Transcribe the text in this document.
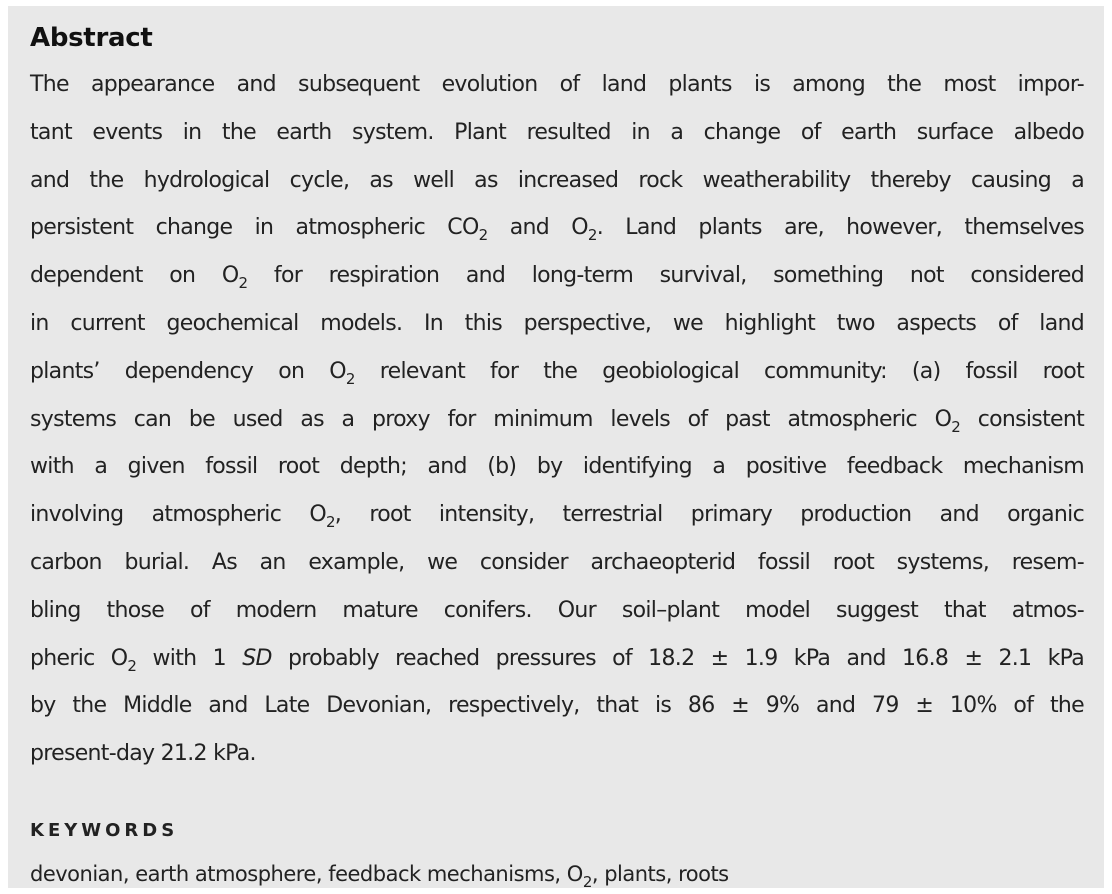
Abstract
The appearance and subsequent evolution of land plants is among the most impor-
tant events in the earth system. Plant resulted in a change of earth surface albedo
and the hydrological cycle, as well as increased rock weatherability thereby causing a
persistent change in atmospheric $CO_2$ and $O_2$. Land plants are, however, themselves
dependent on $O_2$ for respiration and long-term survival, something not considered
in current geochemical models. In this perspective, we highlight two aspects of land
plants’ dependency on $O_2$ relevant for the geobiological community: (a) fossil root
systems can be used as a proxy for minimum levels of past atmospheric $O_2$ consistent
with a given fossil root depth; and (b) by identifying a positive feedback mechanism
involving atmospheric $O_2$, root intensity, terrestrial primary production and organic
carbon burial. As an example, we consider archaeopterid fossil root systems, resem-
bling those of modern mature conifers. Our soil–plant model suggest that atmos-
pheric $O_2$ with 1 SD probably reached pressures of 18.2 ± 1.9 kPa and 16.8 ± 2.1 kPa
by the Middle and Late Devonian, respectively, that is 86 ± 9% and 79 ± 10% of the
present-day 21.2 kPa.
KEYWORDS
devonian, earth atmosphere, feedback mechanisms, $O_2$, plants, roots
